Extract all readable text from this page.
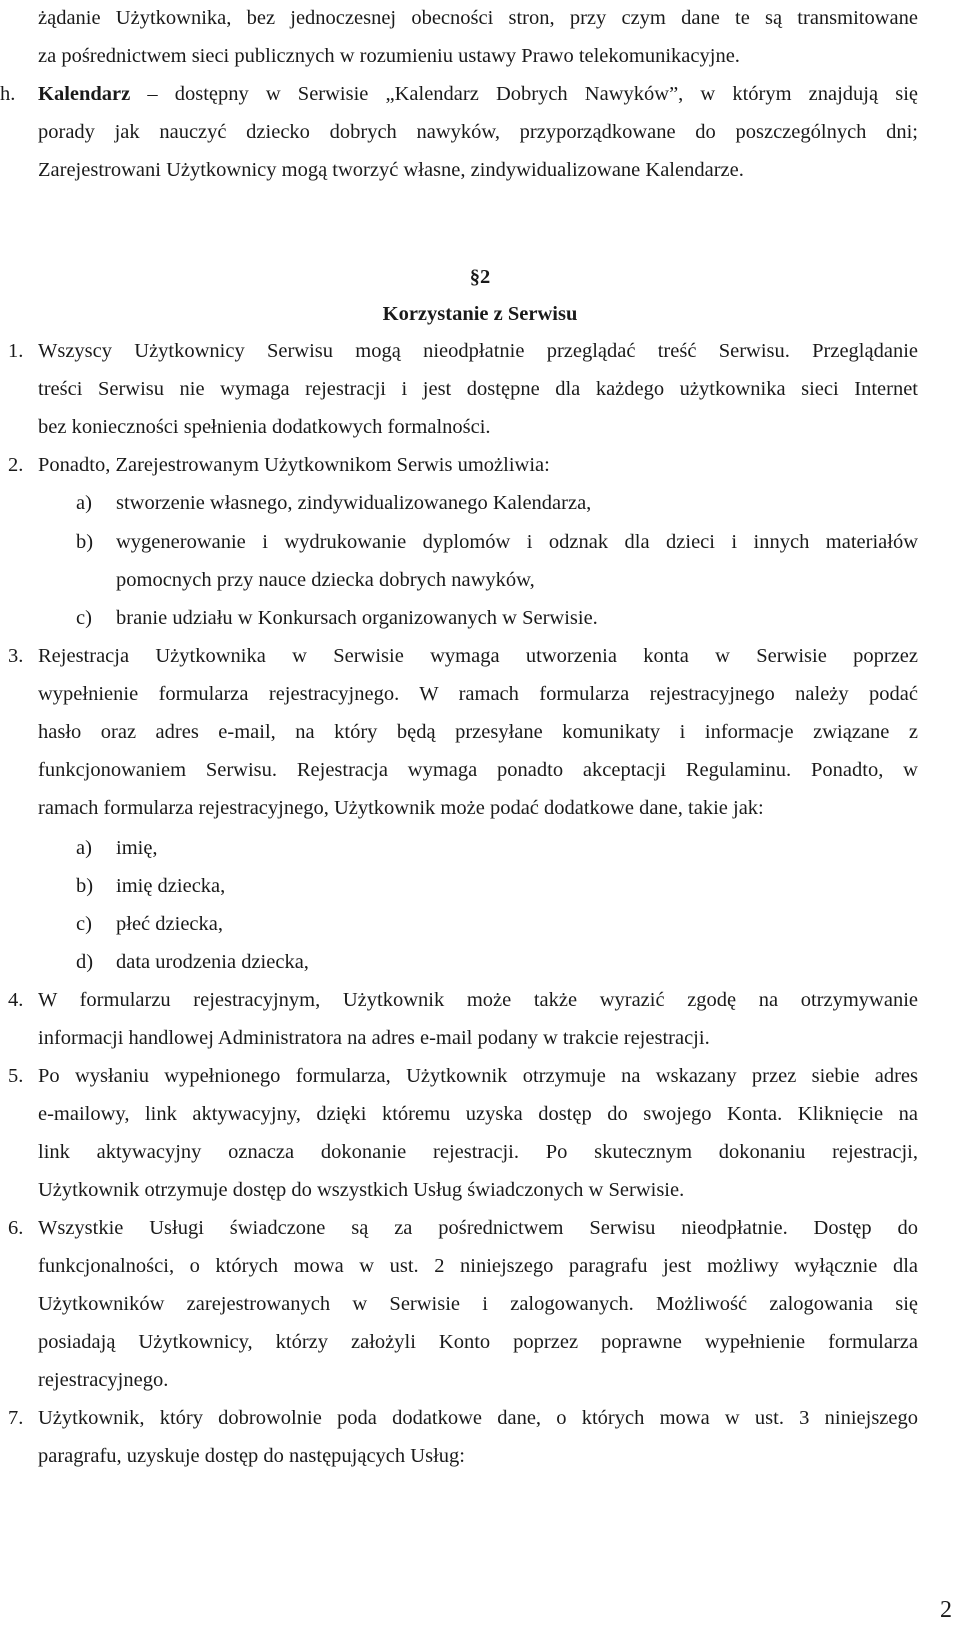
żądanie Użytkownika, bez jednoczesnej obecności stron, przy czym dane te są transmitowane
za pośrednictwem sieci publicznych w rozumieniu ustawy Prawo telekomunikacyjne.
h. Kalendarz – dostępny w Serwisie „Kalendarz Dobrych Nawyków”, w którym znajdują się
porady jak nauczyć dziecko dobrych nawyków, przyporządkowane do poszczególnych dni;
Zarejestrowani Użytkownicy mogą tworzyć własne, zindywidualizowane Kalendarze.
§2
Korzystanie z Serwisu
1. Wszyscy Użytkownicy Serwisu mogą nieodpłatnie przeglądać treść Serwisu. Przeglądanie
treści Serwisu nie wymaga rejestracji i jest dostępne dla każdego użytkownika sieci Internet
bez konieczności spełnienia dodatkowych formalności.
2. Ponadto, Zarejestrowanym Użytkownikom Serwis umożliwia:
a) stworzenie własnego, zindywidualizowanego Kalendarza,
b) wygenerowanie i wydrukowanie dyplomów i odznak dla dzieci i innych materiałów
pomocnych przy nauce dziecka dobrych nawyków,
c) branie udziału w Konkursach organizowanych w Serwisie.
3. Rejestracja Użytkownika w Serwisie wymaga utworzenia konta w Serwisie poprzez
wypełnienie formularza rejestracyjnego. W ramach formularza rejestracyjnego należy podać
hasło oraz adres e-mail, na który będą przesyłane komunikaty i informacje związane z
funkcjonowaniem Serwisu. Rejestracja wymaga ponadto akceptacji Regulaminu. Ponadto, w
ramach formularza rejestracyjnego, Użytkownik może podać dodatkowe dane, takie jak:
a) imię,
b) imię dziecka,
c) płeć dziecka,
d) data urodzenia dziecka,
4. W formularzu rejestracyjnym, Użytkownik może także wyrazić zgodę na otrzymywanie
informacji handlowej Administratora na adres e-mail podany w trakcie rejestracji.
5. Po wysłaniu wypełnionego formularza, Użytkownik otrzymuje na wskazany przez siebie adres
e-mailowy, link aktywacyjny, dzięki któremu uzyska dostęp do swojego Konta. Kliknięcie na
link aktywacyjny oznacza dokonanie rejestracji. Po skutecznym dokonaniu rejestracji,
Użytkownik otrzymuje dostęp do wszystkich Usług świadczonych w Serwisie.
6. Wszystkie Usługi świadczone są za pośrednictwem Serwisu nieodpłatnie. Dostęp do
funkcjonalności, o których mowa w ust. 2 niniejszego paragrafu jest możliwy wyłącznie dla
Użytkowników zarejestrowanych w Serwisie i zalogowanych. Możliwość zalogowania się
posiadają Użytkownicy, którzy założyli Konto poprzez poprawne wypełnienie formularza
rejestracyjnego.
7. Użytkownik, który dobrowolnie poda dodatkowe dane, o których mowa w ust. 3 niniejszego
paragrafu, uzyskuje dostęp do następujących Usług:
2
